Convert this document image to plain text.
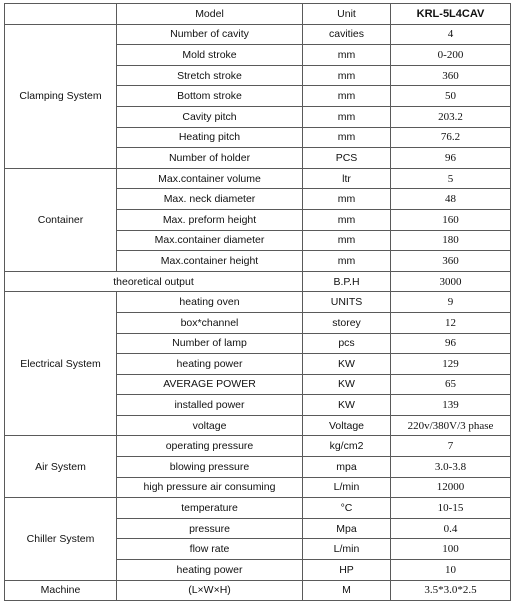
	Model	Unit	KRL-5L4CAV
Clamping System	Number of cavity	cavities	4
	Mold stroke	mm	0-200
	Stretch stroke	mm	360
	Bottom stroke	mm	50
	Cavity pitch	mm	203.2
	Heating pitch	mm	76.2
	Number of holder	PCS	96
Container	Max.container volume	ltr	5
	Max. neck diameter	mm	48
	Max. preform height	mm	160
	Max.container diameter	mm	180
	Max.container height	mm	360
theoretical output		B.P.H	3000
Electrical System	heating oven	UNITS	9
	box*channel	storey	12
	Number of lamp	pcs	96
	heating power	KW	129
	AVERAGE POWER	KW	65
	installed power	KW	139
	voltage	Voltage	220v/380V/3 phase
Air System	operating pressure	kg/cm2	7
	blowing pressure	mpa	3.0-3.8
	high pressure air consuming	L/min	12000
Chiller System	temperature	°C	10-15
	pressure	Mpa	0.4
	flow rate	L/min	100
	heating power	HP	10
Machine	(L×W×H)	M	3.5*3.0*2.5
